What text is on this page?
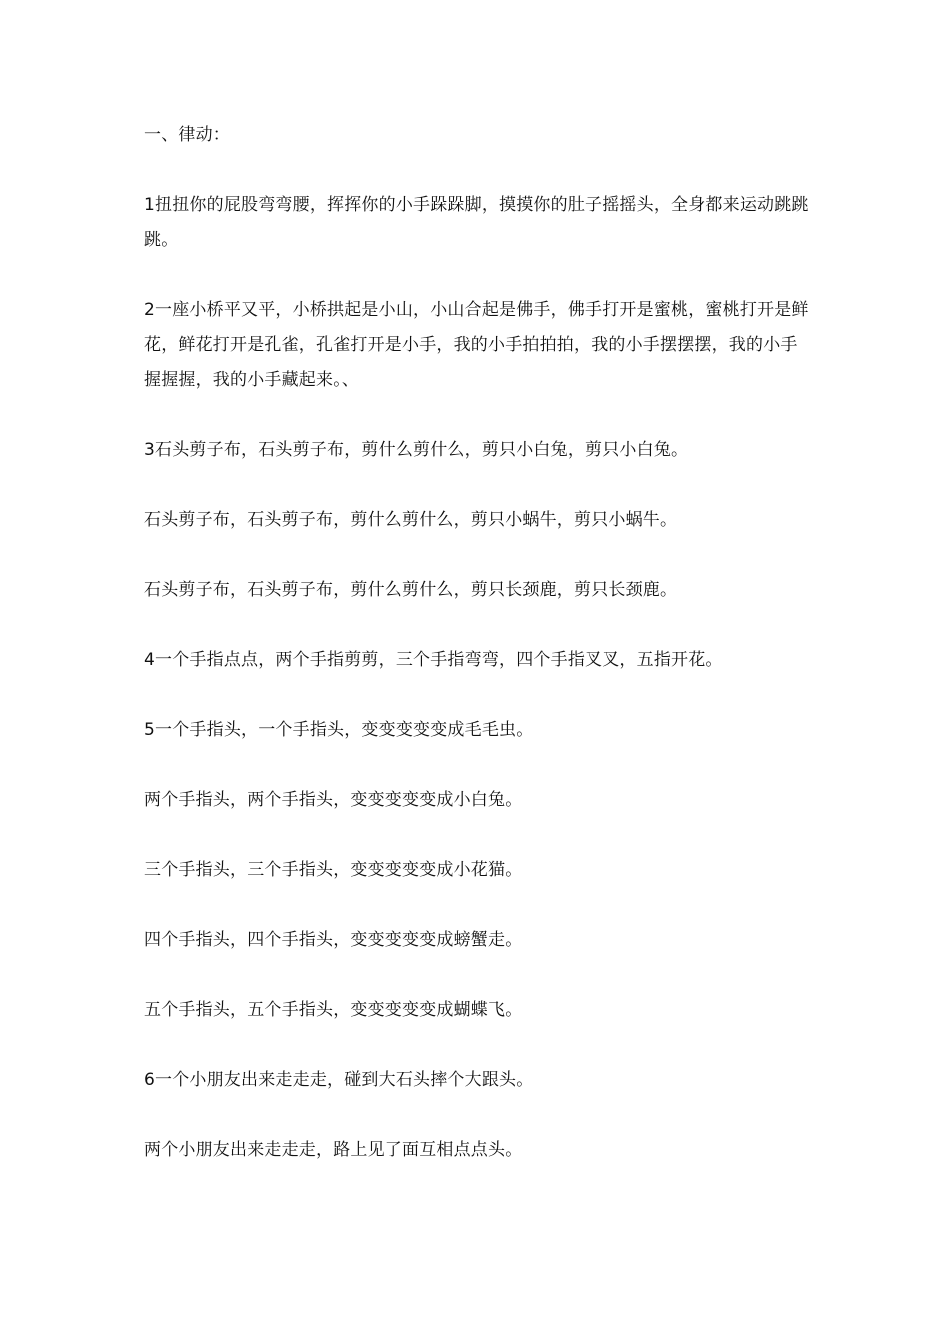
一、律动：

1扭扭你的屁股弯弯腰，挥挥你的小手跺跺脚，摸摸你的肚子摇摇头，全身都来运动跳跳跳。

2一座小桥平又平，小桥拱起是小山，小山合起是佛手，佛手打开是蜜桃，蜜桃打开是鲜花，鲜花打开是孔雀，孔雀打开是小手，我的小手拍拍拍，我的小手摆摆摆，我的小手握握握，我的小手藏起来。、

3石头剪子布，石头剪子布，剪什么剪什么，剪只小白兔，剪只小白兔。

石头剪子布，石头剪子布，剪什么剪什么，剪只小蜗牛，剪只小蜗牛。

石头剪子布，石头剪子布，剪什么剪什么，剪只长颈鹿，剪只长颈鹿。

4一个手指点点，两个手指剪剪，三个手指弯弯，四个手指叉叉，五指开花。

5一个手指头，一个手指头，变变变变变成毛毛虫。

两个手指头，两个手指头，变变变变变成小白兔。

三个手指头，三个手指头，变变变变变成小花猫。

四个手指头，四个手指头，变变变变变成螃蟹走。

五个手指头，五个手指头，变变变变变成蝴蝶飞。

6一个小朋友出来走走走，碰到大石头摔个大跟头。

两个小朋友出来走走走，路上见了面互相点点头。
